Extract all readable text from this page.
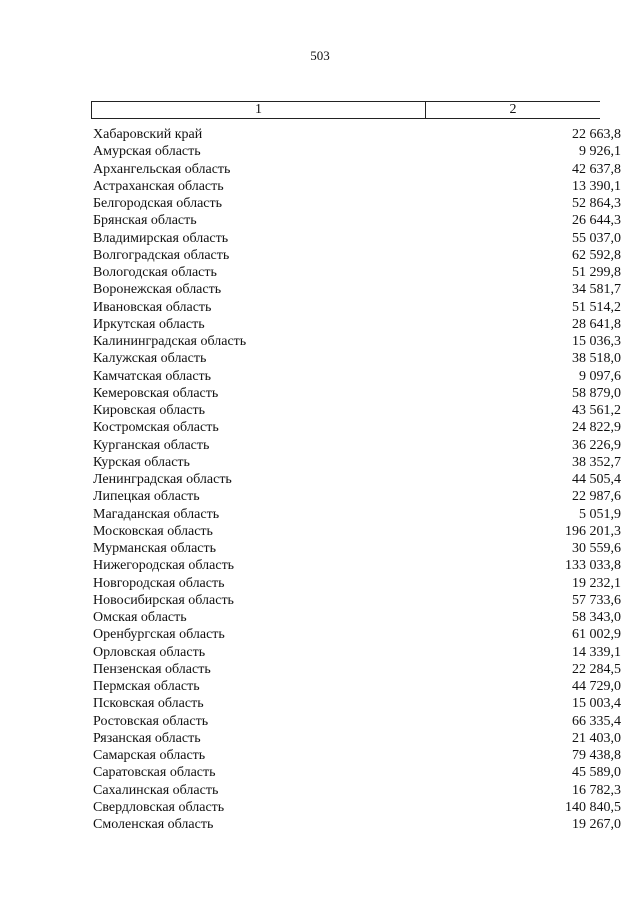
503
1	2
Хабаровский край	22 663,8
Амурская область	9 926,1
Архангельская область	42 637,8
Астраханская область	13 390,1
Белгородская область	52 864,3
Брянская область	26 644,3
Владимирская область	55 037,0
Волгоградская область	62 592,8
Вологодская область	51 299,8
Воронежская область	34 581,7
Ивановская область	51 514,2
Иркутская область	28 641,8
Калининградская область	15 036,3
Калужская область	38 518,0
Камчатская область	9 097,6
Кемеровская область	58 879,0
Кировская область	43 561,2
Костромская область	24 822,9
Курганская область	36 226,9
Курская область	38 352,7
Ленинградская область	44 505,4
Липецкая область	22 987,6
Магаданская область	5 051,9
Московская область	196 201,3
Мурманская область	30 559,6
Нижегородская область	133 033,8
Новгородская область	19 232,1
Новосибирская область	57 733,6
Омская область	58 343,0
Оренбургская область	61 002,9
Орловская область	14 339,1
Пензенская область	22 284,5
Пермская область	44 729,0
Псковская область	15 003,4
Ростовская область	66 335,4
Рязанская область	21 403,0
Самарская область	79 438,8
Саратовская область	45 589,0
Сахалинская область	16 782,3
Свердловская область	140 840,5
Смоленская область	19 267,0
